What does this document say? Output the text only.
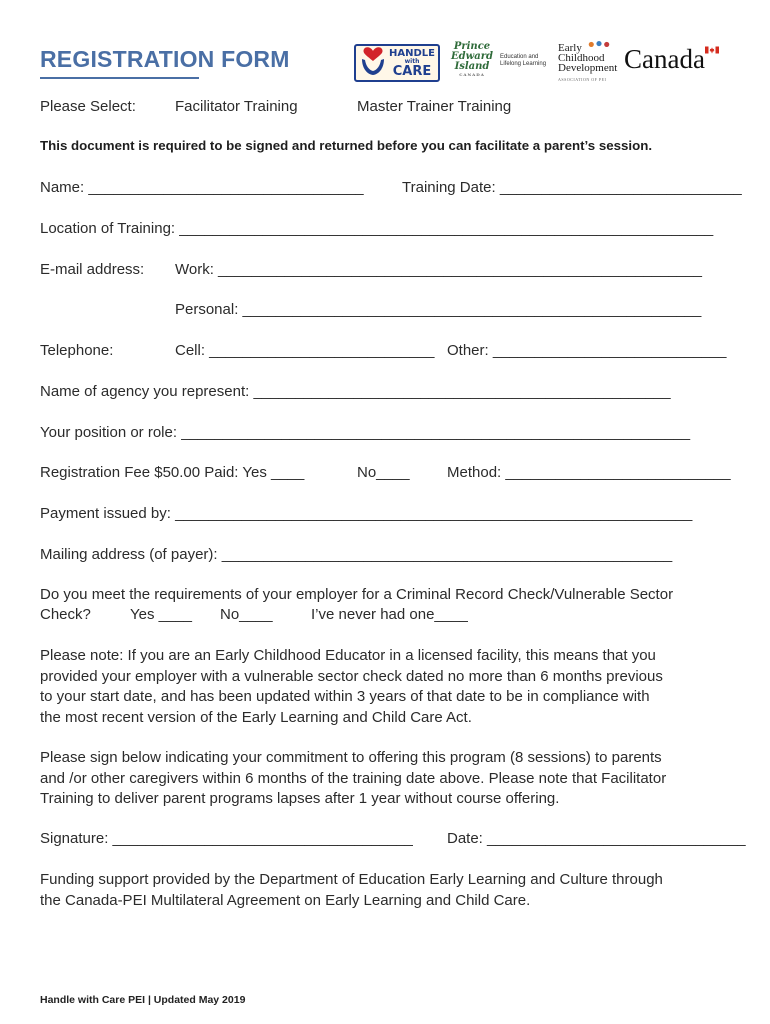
REGISTRATION FORM	HANDLE
with
CARE
Prince
Edward
Island
CANADA
Education and
Lifelong Learning
Early
Childhood
Development
ASSOCIATION OF PEI
Canada
Please Select:	Facilitator Training	Master Trainer Training
This document is required to be signed and returned before you can facilitate a parent’s session.
Name: _________________________________	Training Date: _____________________________
Location of Training: ________________________________________________________________
E-mail address: Work: __________________________________________________________
Personal: _______________________________________________________
Telephone:	Cell: ___________________________ Other: ____________________________
Name of agency you represent: __________________________________________________
Your position or role: _____________________________________________________________
Registration Fee $50.00 Paid: Yes ____	No____ Method: ___________________________
Payment issued by: ______________________________________________________________
Mailing address (of payer): ______________________________________________________
Do you meet the requirements of your employer for a Criminal Record Check/Vulnerable Sector
Check?	Yes ____ No____	I’ve never had one____
Please note: If you are an Early Childhood Educator in a licensed facility, this means that you
provided your employer with a vulnerable sector check dated no more than 6 months previous
to your start date, and has been updated within 3 years of that date to be in compliance with
the most recent version of the Early Learning and Child Care Act.
Please sign below indicating your commitment to offering this program (8 sessions) to parents
and /or other caregivers within 6 months of the training date above. Please note that Facilitator
Training to deliver parent programs lapses after 1 year without course offering.
Signature: ____________________________________ Date: _______________________________
Funding support provided by the Department of Education Early Learning and Culture through
the Canada-PEI Multilateral Agreement on Early Learning and Child Care.
Handle with Care PEI | Updated May 2019
